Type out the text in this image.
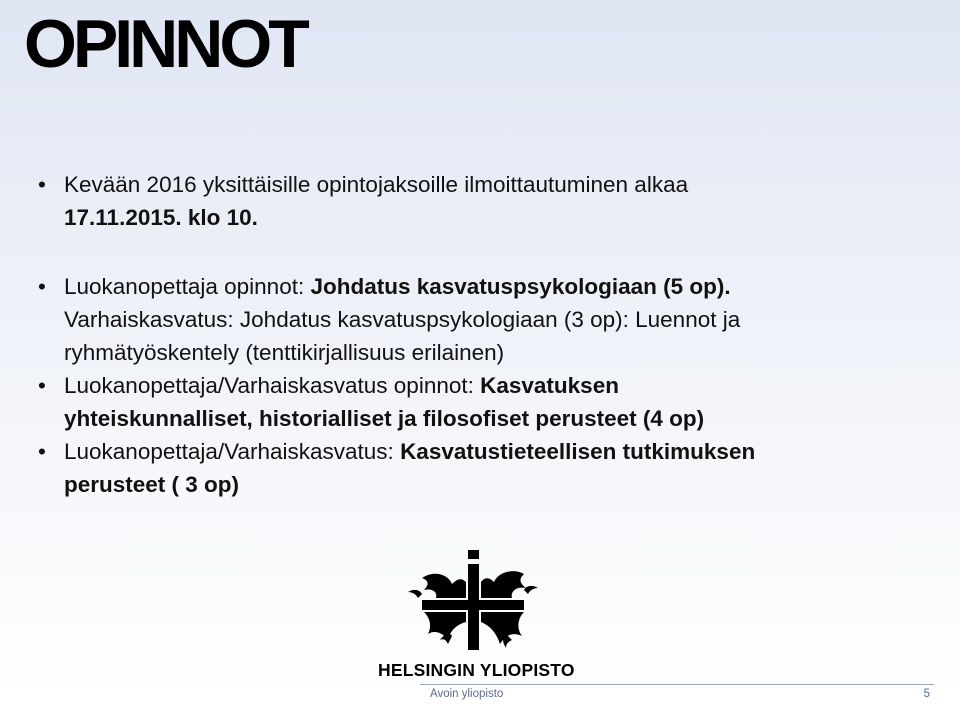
OPINNOT
• Kevään 2016 yksittäisille opintojaksoille ilmoittautuminen alkaa
17.11.2015. klo 10.
• Luokanopettaja opinnot: Johdatus kasvatuspsykologiaan (5 op).
Varhaiskasvatus: Johdatus kasvatuspsykologiaan (3 op): Luennot ja
ryhmätyöskentely (tenttikirjallisuus erilainen)
• Luokanopettaja/Varhaiskasvatus opinnot: Kasvatuksen
yhteiskunnalliset, historialliset ja filosofiset perusteet (4 op)
• Luokanopettaja/Varhaiskasvatus: Kasvatustieteellisen tutkimuksen
perusteet ( 3 op)
HELSINGIN YLIOPISTO
Avoin yliopisto	5
